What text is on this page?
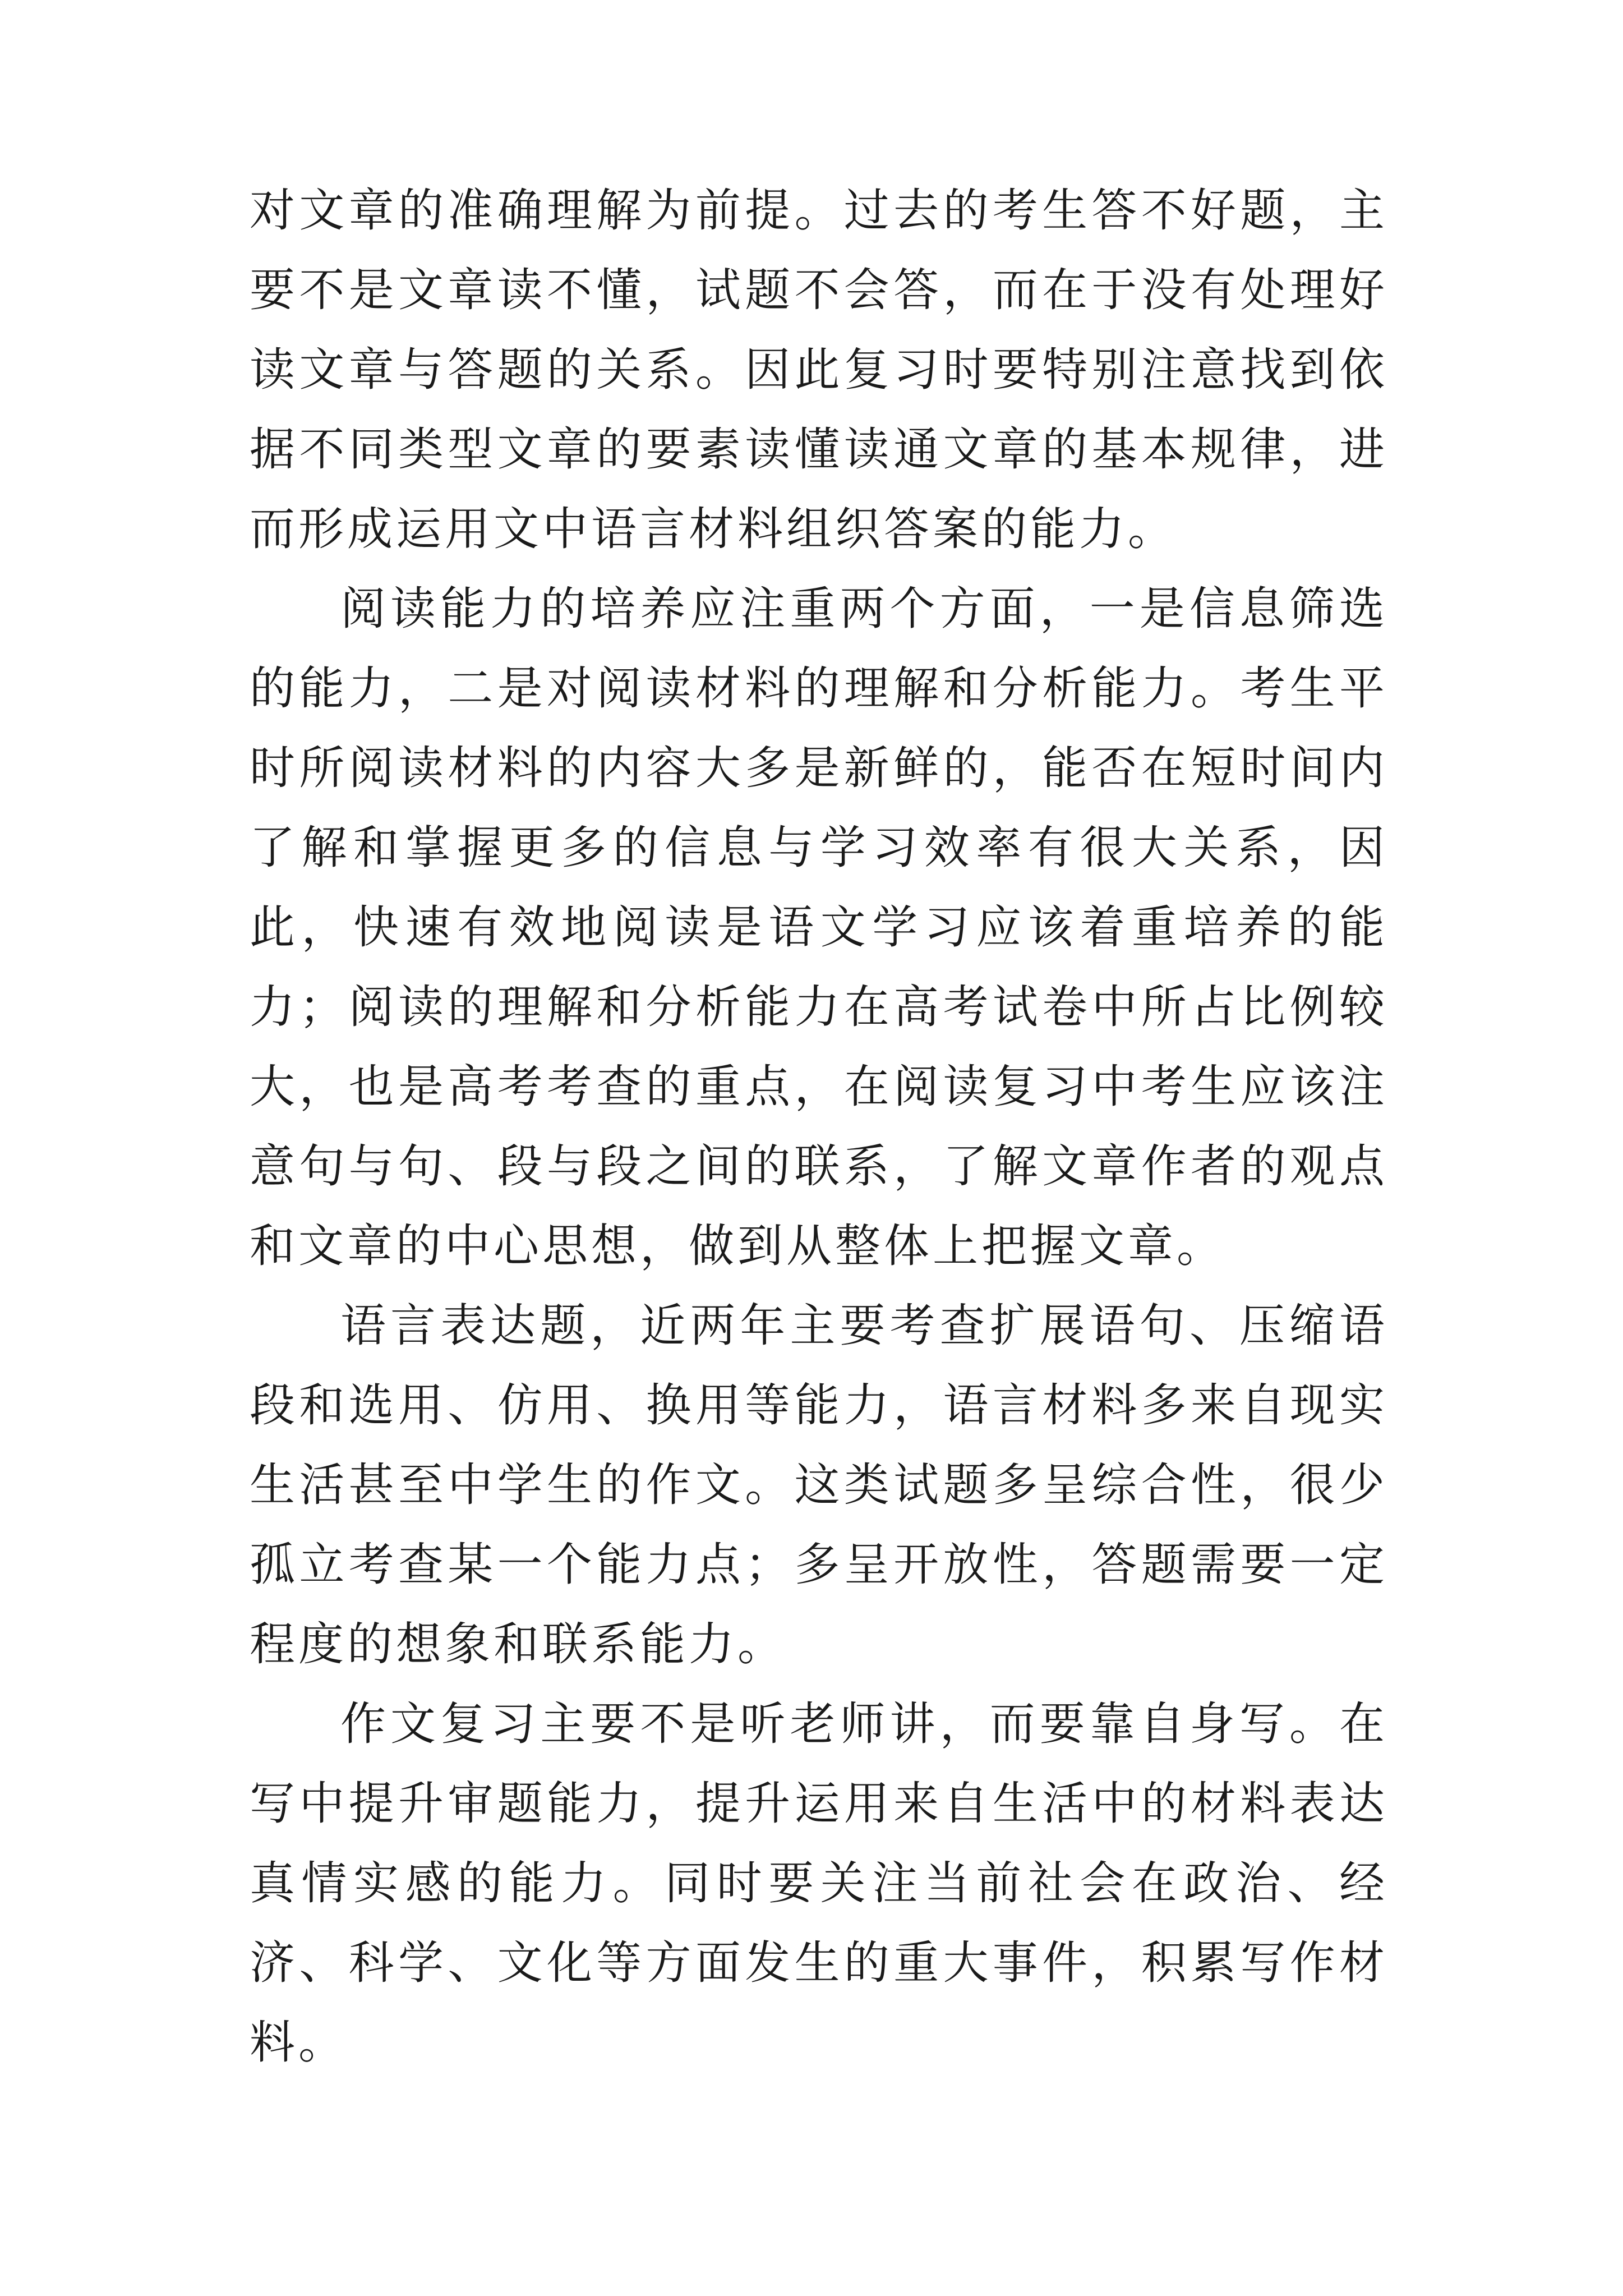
对文章的准确理解为前提。过去的考生答不好题，主要不是文章读不懂，试题不会答，而在于没有处理好读文章与答题的关系。因此复习时要特别注意找到依据不同类型文章的要素读懂读通文章的基本规律，进而形成运用文中语言材料组织答案的能力。

阅读能力的培养应注重两个方面，一是信息筛选的能力，二是对阅读材料的理解和分析能力。考生平时所阅读材料的内容大多是新鲜的，能否在短时间内了解和掌握更多的信息与学习效率有很大关系，因此，快速有效地阅读是语文学习应该着重培养的能力；阅读的理解和分析能力在高考试卷中所占比例较大，也是高考考查的重点，在阅读复习中考生应该注意句与句、段与段之间的联系，了解文章作者的观点和文章的中心思想，做到从整体上把握文章。

语言表达题，近两年主要考查扩展语句、压缩语段和选用、仿用、换用等能力，语言材料多来自现实生活甚至中学生的作文。这类试题多呈综合性，很少孤立考查某一个能力点；多呈开放性，答题需要一定程度的想象和联系能力。

作文复习主要不是听老师讲，而要靠自身写。在写中提升审题能力，提升运用来自生活中的材料表达真情实感的能力。同时要关注当前社会在政治、经济、科学、文化等方面发生的重大事件，积累写作材料。
